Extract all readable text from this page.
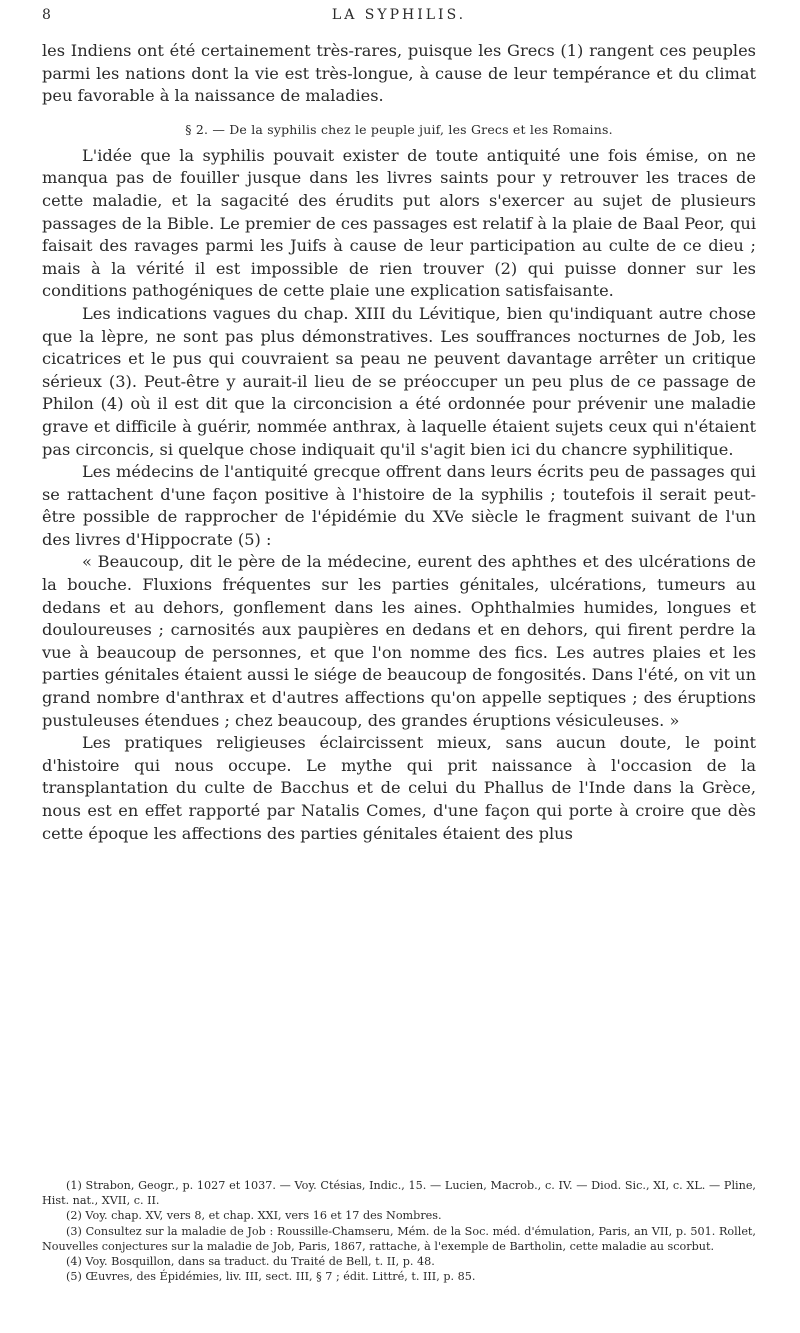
8	LA SYPHILIS.

les Indiens ont été certainement très-rares, puisque les Grecs (1) rangent ces peuples parmi les nations dont la vie est très-longue, à cause de leur tempérance et du climat peu favorable à la naissance de maladies.

§ 2. — De la syphilis chez le peuple juif, les Grecs et les Romains.

L'idée que la syphilis pouvait exister de toute antiquité une fois émise, on ne manqua pas de fouiller jusque dans les livres saints pour y retrouver les traces de cette maladie, et la sagacité des érudits put alors s'exercer au sujet de plusieurs passages de la Bible. Le premier de ces passages est relatif à la plaie de Baal Peor, qui faisait des ravages parmi les Juifs à cause de leur participation au culte de ce dieu ; mais à la vérité il est impossible de rien trouver (2) qui puisse donner sur les conditions pathogéniques de cette plaie une explication satisfaisante.

Les indications vagues du chap. XIII du Lévitique, bien qu'indiquant autre chose que la lèpre, ne sont pas plus démonstratives. Les souffrances nocturnes de Job, les cicatrices et le pus qui couvraient sa peau ne peuvent davantage arrêter un critique sérieux (3). Peut-être y aurait-il lieu de se préoccuper un peu plus de ce passage de Philon (4) où il est dit que la circoncision a été ordonnée pour prévenir une maladie grave et difficile à guérir, nommée anthrax, à laquelle étaient sujets ceux qui n'étaient pas circoncis, si quelque chose indiquait qu'il s'agit bien ici du chancre syphilitique.

Les médecins de l'antiquité grecque offrent dans leurs écrits peu de passages qui se rattachent d'une façon positive à l'histoire de la syphilis ; toutefois il serait peut-être possible de rapprocher de l'épidémie du XVe siècle le fragment suivant de l'un des livres d'Hippocrate (5) :

« Beaucoup, dit le père de la médecine, eurent des aphthes et des ulcérations de la bouche. Fluxions fréquentes sur les parties génitales, ulcérations, tumeurs au dedans et au dehors, gonflement dans les aines. Ophthalmies humides, longues et douloureuses ; carnosités aux paupières en dedans et en dehors, qui firent perdre la vue à beaucoup de personnes, et que l'on nomme des fics. Les autres plaies et les parties génitales étaient aussi le siége de beaucoup de fongosités. Dans l'été, on vit un grand nombre d'anthrax et d'autres affections qu'on appelle septiques ; des éruptions pustuleuses étendues ; chez beaucoup, des grandes éruptions vésiculeuses. »

Les pratiques religieuses éclaircissent mieux, sans aucun doute, le point d'histoire qui nous occupe. Le mythe qui prit naissance à l'occasion de la transplantation du culte de Bacchus et de celui du Phallus de l'Inde dans la Grèce, nous est en effet rapporté par Natalis Comes, d'une façon qui porte à croire que dès cette époque les affections des parties génitales étaient des plus

(1) Strabon, Geogr., p. 1027 et 1037. — Voy. Ctésias, Indic., 15. — Lucien, Macrob., c. IV. — Diod. Sic., XI, c. XL. — Pline, Hist. nat., XVII, c. II.

(2) Voy. chap. XV, vers 8, et chap. XXI, vers 16 et 17 des Nombres.

(3) Consultez sur la maladie de Job : Roussille-Chamseru, Mém. de la Soc. méd. d'émulation, Paris, an VII, p. 501. Rollet, Nouvelles conjectures sur la maladie de Job, Paris, 1867, rattache, à l'exemple de Bartholin, cette maladie au scorbut.

(4) Voy. Bosquillon, dans sa traduct. du Traité de Bell, t. II, p. 48.

(5) Œuvres, des Épidémies, liv. III, sect. III, § 7 ; édit. Littré, t. III, p. 85.
